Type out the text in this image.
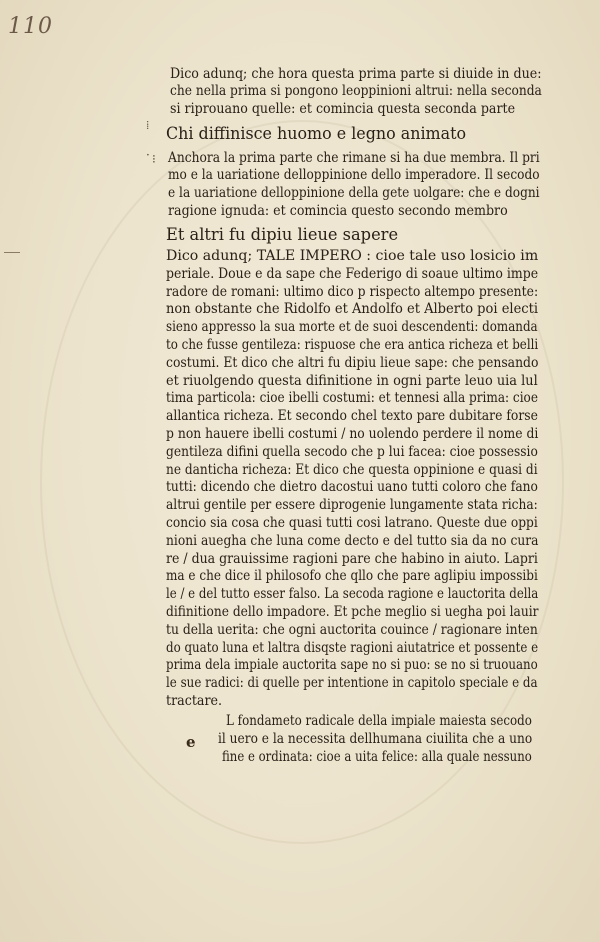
110
⁞
· ⁝
Dico adunq; che hora questa prima parte si diuide in due:
che nella prima si pongono leoppinioni altrui: nella seconda
si riprouano quelle: et comincia questa seconda parte
Chi diffinisce huomo e legno animato
Anchora la prima parte che rimane si ha due membra. Il pri
mo e la uariatione delloppinione dello imperadore. Il secodo
e la uariatione delloppinione della gete uolgare: che e dogni
ragione ignuda: et comincia questo secondo membro
Et altri fu dipiu lieue sapere
Dico adunq; TALE IMPERO : cioe tale uso losicio im
periale. Doue e da sape che Federigo di soaue ultimo impe
radore de romani: ultimo dico p rispecto altempo presente:
non obstante che Ridolfo et Andolfo et Alberto poi electi
sieno appresso la sua morte et de suoi descendenti: domanda
to che fusse gentileza: rispuose che era antica richeza et belli
costumi. Et dico che altri fu dipiu lieue sape: che pensando
et riuolgendo questa difinitione in ogni parte leuo uia lul
tima particola: cioe ibelli costumi: et tennesi alla prima: cioe
allantica richeza. Et secondo chel texto pare dubitare forse
p non hauere ibelli costumi / no uolendo perdere il nome di
gentileza difini quella secodo che p lui facea: cioe possessio
ne danticha richeza: Et dico che questa oppinione e quasi di
tutti: dicendo che dietro dacostui uano tutti coloro che fano
altrui gentile per essere diprogenie lungamente stata richa:
concio sia cosa che quasi tutti cosi latrano. Queste due oppi
nioni auegha che luna come decto e del tutto sia da no cura
re / dua grauissime ragioni pare che habino in aiuto. Lapri
ma e che dice il philosofo che qllo che pare aglipiu impossibi
le / e del tutto esser falso. La secoda ragione e lauctorita della
difinitione dello impadore. Et pche meglio si uegha poi lauir
tu della uerita: che ogni auctorita couince / ragionare inten
do quato luna et laltra disqste ragioni aiutatrice et possente e
prima dela impiale auctorita sape no si puo: se no si truouano
le sue radici: di quelle per intentione in capitolo speciale e da
tractare.
L fondameto radicale della impiale maiesta secodo
il uero e la necessita dellhumana ciuilita che a uno
fine e ordinata: cioe a uita felice: alla quale nessuno
e
